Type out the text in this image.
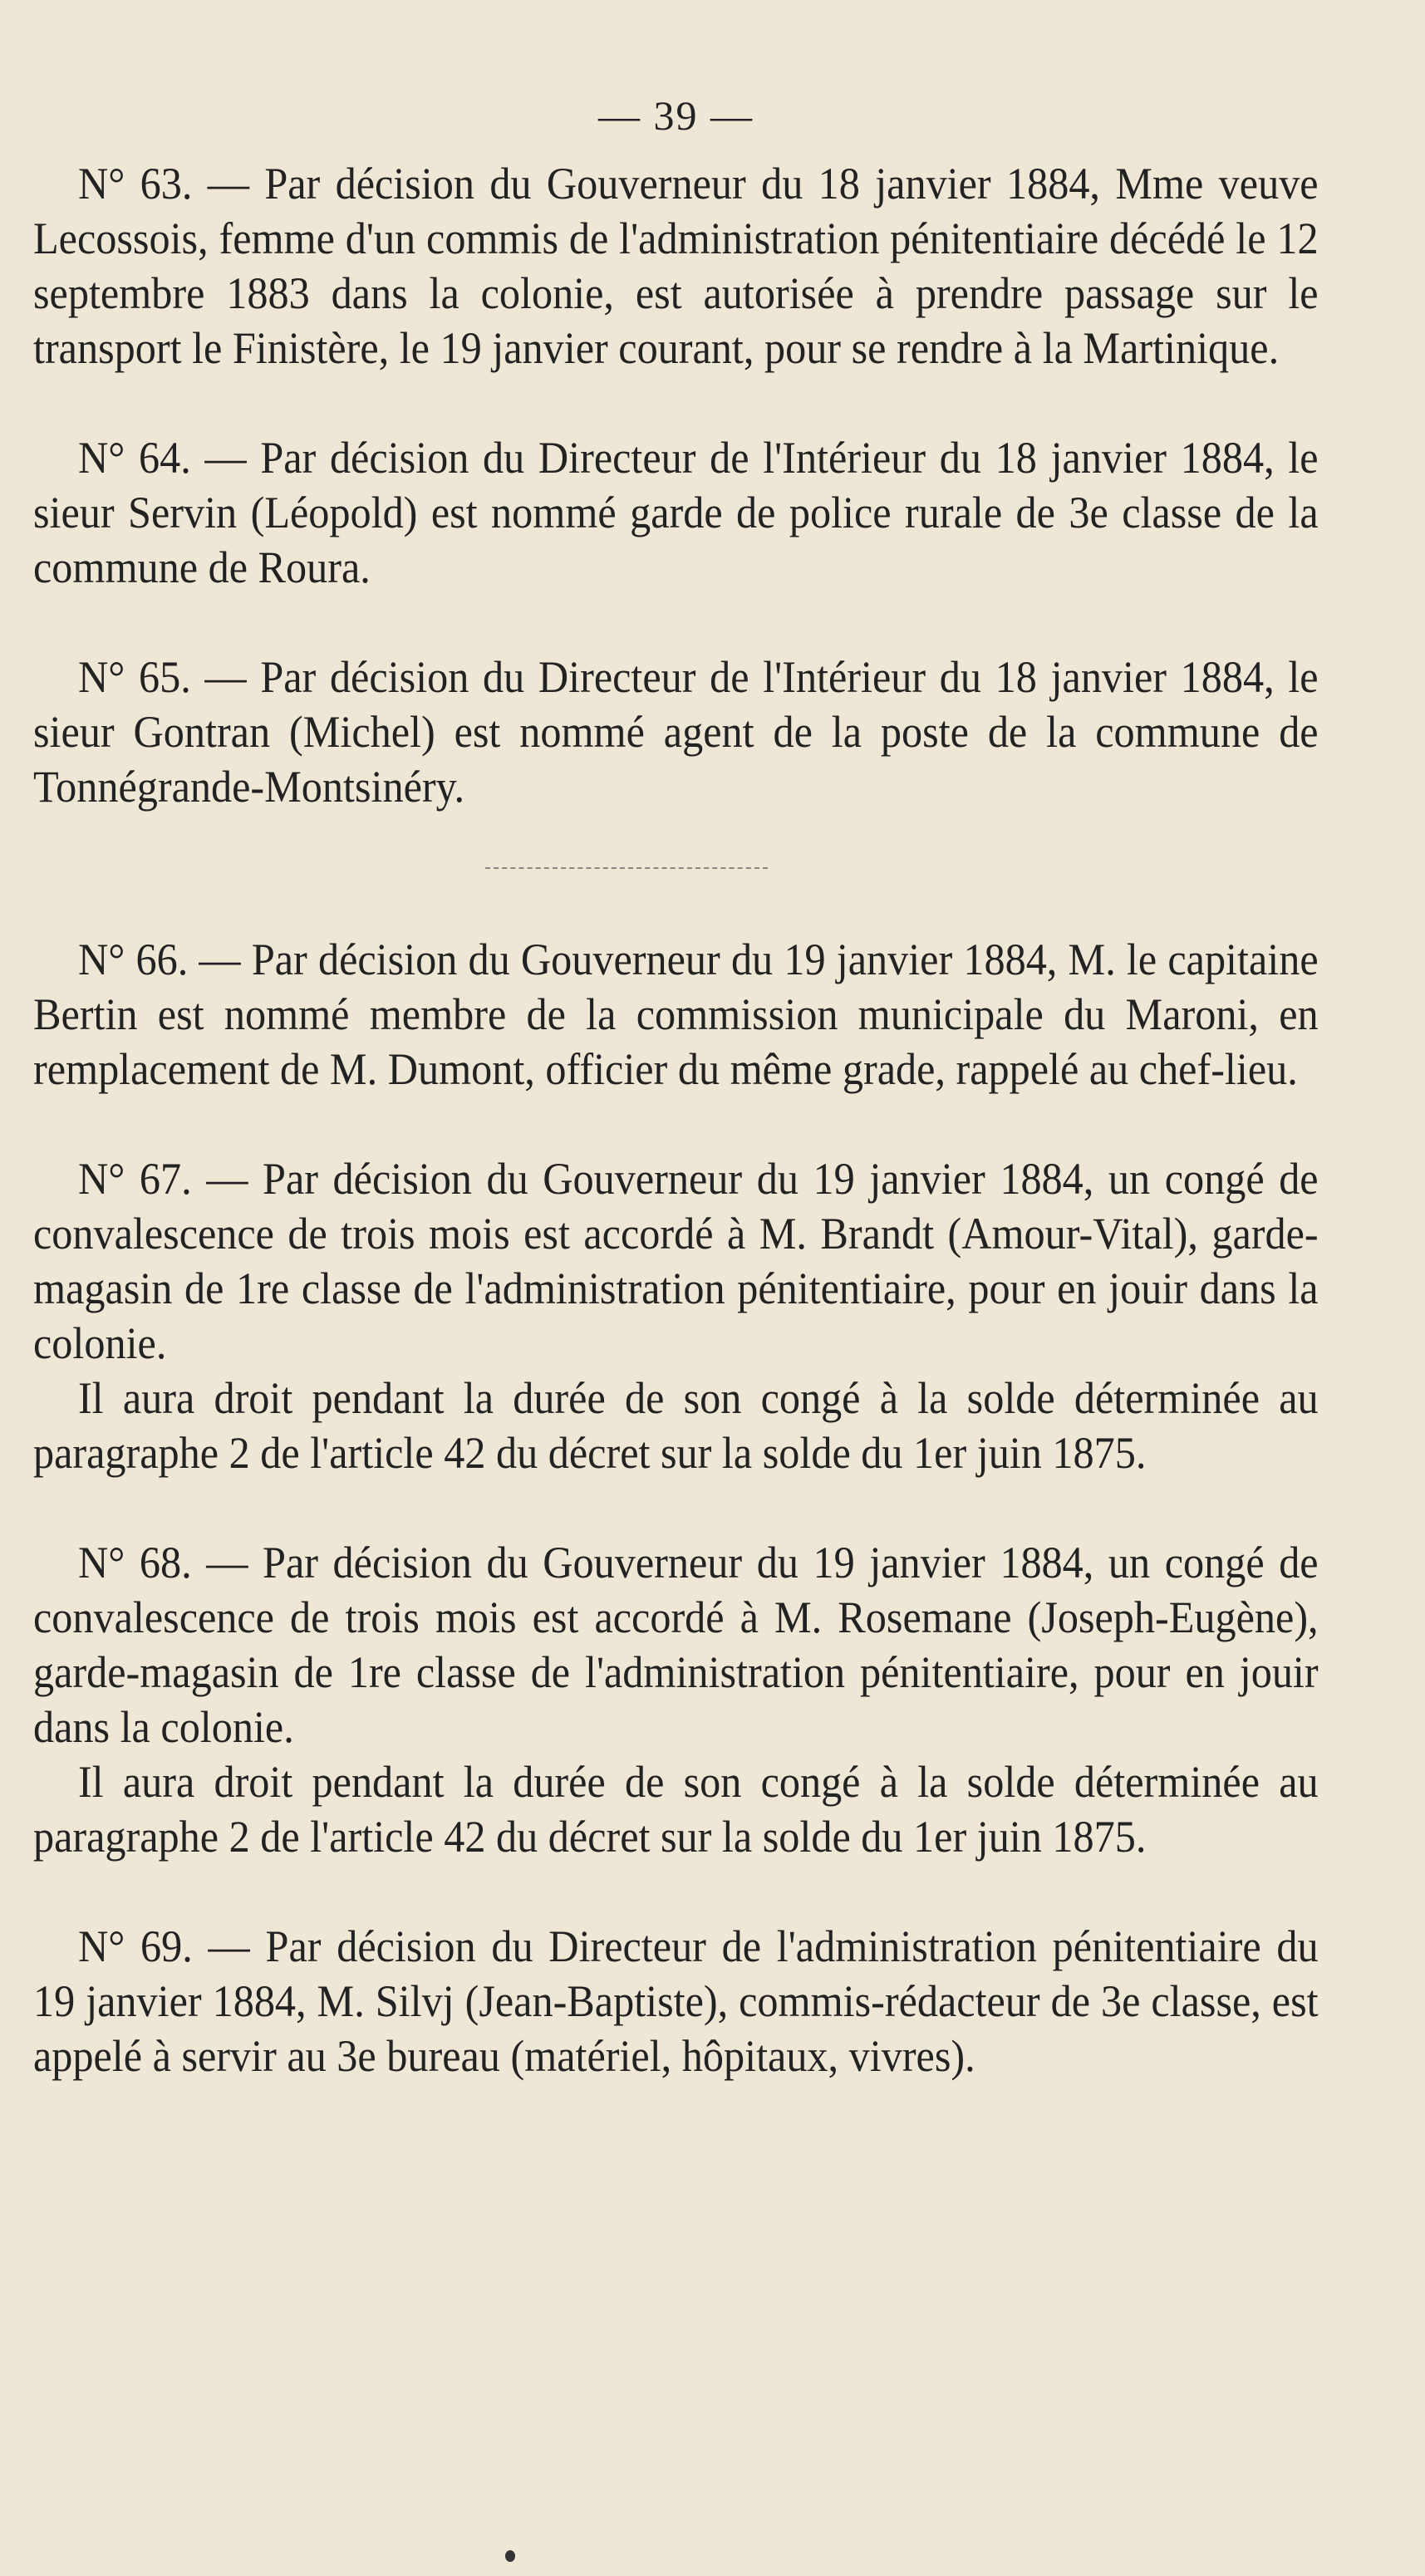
— 39 —

N° 63. — Par décision du Gouverneur du 18 janvier 1884, Mme veuve Lecossois, femme d'un commis de l'administration pénitentiaire décédé le 12 septembre 1883 dans la colonie, est autorisée à prendre passage sur le transport le Finistère, le 19 janvier courant, pour se rendre à la Martinique.

N° 64. — Par décision du Directeur de l'Intérieur du 18 janvier 1884, le sieur Servin (Léopold) est nommé garde de police rurale de 3e classe de la commune de Roura.

N° 65. — Par décision du Directeur de l'Intérieur du 18 janvier 1884, le sieur Gontran (Michel) est nommé agent de la poste de la commune de Tonnégrande-Montsinéry.

N° 66. — Par décision du Gouverneur du 19 janvier 1884, M. le capitaine Bertin est nommé membre de la commission municipale du Maroni, en remplacement de M. Dumont, officier du même grade, rappelé au chef-lieu.

N° 67. — Par décision du Gouverneur du 19 janvier 1884, un congé de convalescence de trois mois est accordé à M. Brandt (Amour-Vital), garde-magasin de 1re classe de l'administration pénitentiaire, pour en jouir dans la colonie.

Il aura droit pendant la durée de son congé à la solde déterminée au paragraphe 2 de l'article 42 du décret sur la solde du 1er juin 1875.

N° 68. — Par décision du Gouverneur du 19 janvier 1884, un congé de convalescence de trois mois est accordé à M. Rosemane (Joseph-Eugène), garde-magasin de 1re classe de l'administration pénitentiaire, pour en jouir dans la colonie.

Il aura droit pendant la durée de son congé à la solde déterminée au paragraphe 2 de l'article 42 du décret sur la solde du 1er juin 1875.

N° 69. — Par décision du Directeur de l'administration pénitentiaire du 19 janvier 1884, M. Silvj (Jean-Baptiste), commis-rédacteur de 3e classe, est appelé à servir au 3e bureau (matériel, hôpitaux, vivres).
